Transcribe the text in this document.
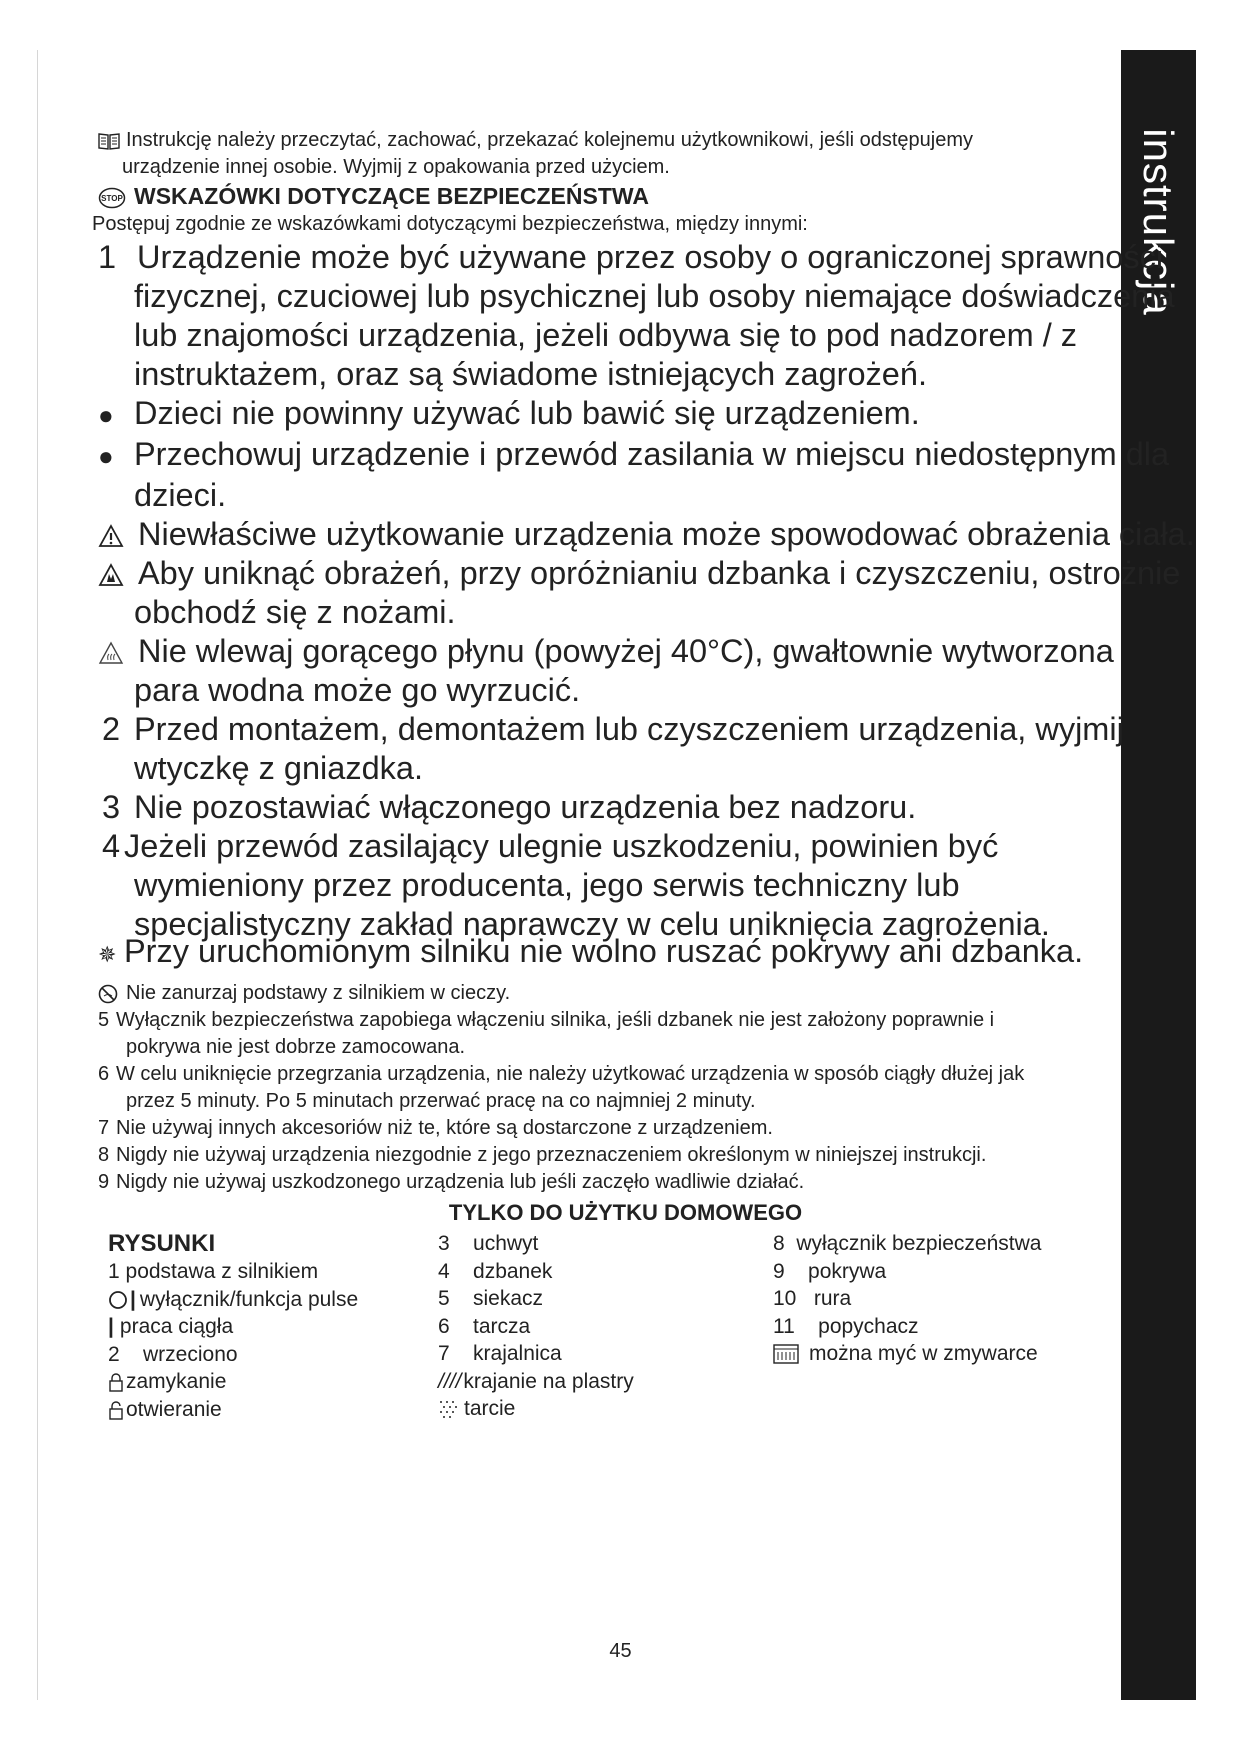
instrukcja
Instrukcję należy przeczytać, zachować, przekazać kolejnemu użytkownikowi, jeśli odstępujemy
urządzenie innej osobie. Wyjmij z opakowania przed użyciem.
STOP WSKAZÓWKI DOTYCZĄCE BEZPIECZEŃSTWA
Postępuj zgodnie ze wskazówkami dotyczącymi bezpieczeństwa, między innymi:
1 Urządzenie może być używane przez osoby o ograniczonej sprawności
fizycznej, czuciowej lub psychicznej lub osoby niemające doświadczenia
lub znajomości urządzenia, jeżeli odbywa się to pod nadzorem / z
instruktażem, oraz są świadome istniejących zagrożeń.
● Dzieci nie powinny używać lub bawić się urządzeniem.
● Przechowuj urządzenie i przewód zasilania w miejscu niedostępnym dla
dzieci.
Niewłaściwe użytkowanie urządzenia może spowodować obrażenia ciała.
Aby uniknąć obrażeń, przy opróżnianiu dzbanka i czyszczeniu, ostrożnie
obchodź się z nożami.
Nie wlewaj gorącego płynu (powyżej 40°C), gwałtownie wytworzona
para wodna może go wyrzucić.
2 Przed montażem, demontażem lub czyszczeniem urządzenia, wyjmij
wtyczkę z gniazdka.
3 Nie pozostawiać włączonego urządzenia bez nadzoru.
4 Jeżeli przewód zasilający ulegnie uszkodzeniu, powinien być
wymieniony przez producenta, jego serwis techniczny lub
specjalistyczny zakład naprawczy w celu uniknięcia zagrożenia.
✵ Przy uruchomionym silniku nie wolno ruszać pokrywy ani dzbanka.
Nie zanurzaj podstawy z silnikiem w cieczy.
5 Wyłącznik bezpieczeństwa zapobiega włączeniu silnika, jeśli dzbanek nie jest założony poprawnie i
pokrywa nie jest dobrze zamocowana.
6 W celu uniknięcie przegrzania urządzenia, nie należy użytkować urządzenia w sposób ciągły dłużej jak
przez 5 minuty. Po 5 minutach przerwać pracę na co najmniej 2 minuty.
7 Nie używaj innych akcesoriów niż te, które są dostarczone z urządzeniem.
8 Nigdy nie używaj urządzenia niezgodnie z jego przeznaczeniem określonym w niniejszej instrukcji.
9 Nigdy nie używaj uszkodzonego urządzenia lub jeśli zaczęło wadliwie działać.
TYLKO DO UŻYTKU DOMOWEGO
RYSUNKI
1 podstawa z silnikiem
| wyłącznik/funkcja pulse
| praca ciągła
2    wrzeciono
zamykanie
otwieranie
3    uchwyt
4    dzbanek
5    siekacz
6    tarcza
7    krajalnica
////krajanie na plastry
tarcie
8  wyłącznik bezpieczeństwa
9    pokrywa
10   rura
11    popychacz
można myć w zmywarce
45
